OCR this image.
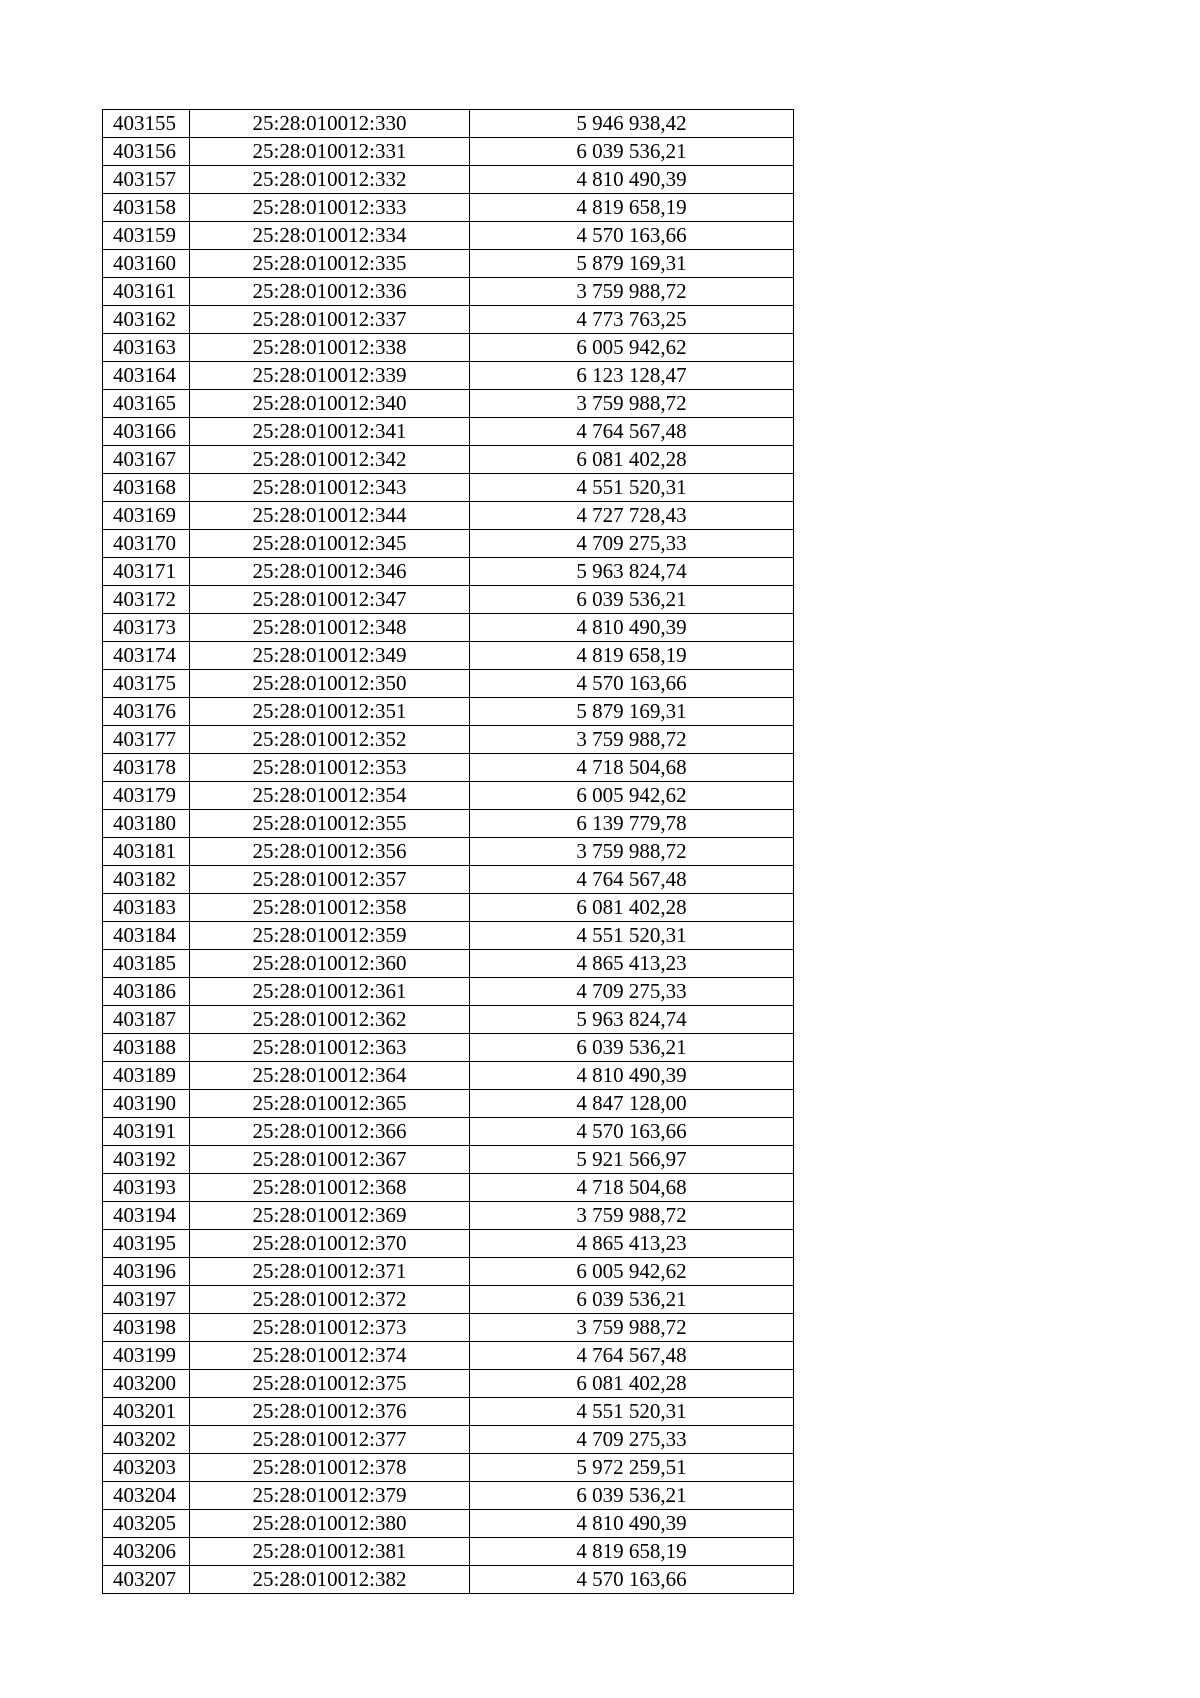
403155	25:28:010012:330	5 946 938,42
403156	25:28:010012:331	6 039 536,21
403157	25:28:010012:332	4 810 490,39
403158	25:28:010012:333	4 819 658,19
403159	25:28:010012:334	4 570 163,66
403160	25:28:010012:335	5 879 169,31
403161	25:28:010012:336	3 759 988,72
403162	25:28:010012:337	4 773 763,25
403163	25:28:010012:338	6 005 942,62
403164	25:28:010012:339	6 123 128,47
403165	25:28:010012:340	3 759 988,72
403166	25:28:010012:341	4 764 567,48
403167	25:28:010012:342	6 081 402,28
403168	25:28:010012:343	4 551 520,31
403169	25:28:010012:344	4 727 728,43
403170	25:28:010012:345	4 709 275,33
403171	25:28:010012:346	5 963 824,74
403172	25:28:010012:347	6 039 536,21
403173	25:28:010012:348	4 810 490,39
403174	25:28:010012:349	4 819 658,19
403175	25:28:010012:350	4 570 163,66
403176	25:28:010012:351	5 879 169,31
403177	25:28:010012:352	3 759 988,72
403178	25:28:010012:353	4 718 504,68
403179	25:28:010012:354	6 005 942,62
403180	25:28:010012:355	6 139 779,78
403181	25:28:010012:356	3 759 988,72
403182	25:28:010012:357	4 764 567,48
403183	25:28:010012:358	6 081 402,28
403184	25:28:010012:359	4 551 520,31
403185	25:28:010012:360	4 865 413,23
403186	25:28:010012:361	4 709 275,33
403187	25:28:010012:362	5 963 824,74
403188	25:28:010012:363	6 039 536,21
403189	25:28:010012:364	4 810 490,39
403190	25:28:010012:365	4 847 128,00
403191	25:28:010012:366	4 570 163,66
403192	25:28:010012:367	5 921 566,97
403193	25:28:010012:368	4 718 504,68
403194	25:28:010012:369	3 759 988,72
403195	25:28:010012:370	4 865 413,23
403196	25:28:010012:371	6 005 942,62
403197	25:28:010012:372	6 039 536,21
403198	25:28:010012:373	3 759 988,72
403199	25:28:010012:374	4 764 567,48
403200	25:28:010012:375	6 081 402,28
403201	25:28:010012:376	4 551 520,31
403202	25:28:010012:377	4 709 275,33
403203	25:28:010012:378	5 972 259,51
403204	25:28:010012:379	6 039 536,21
403205	25:28:010012:380	4 810 490,39
403206	25:28:010012:381	4 819 658,19
403207	25:28:010012:382	4 570 163,66
